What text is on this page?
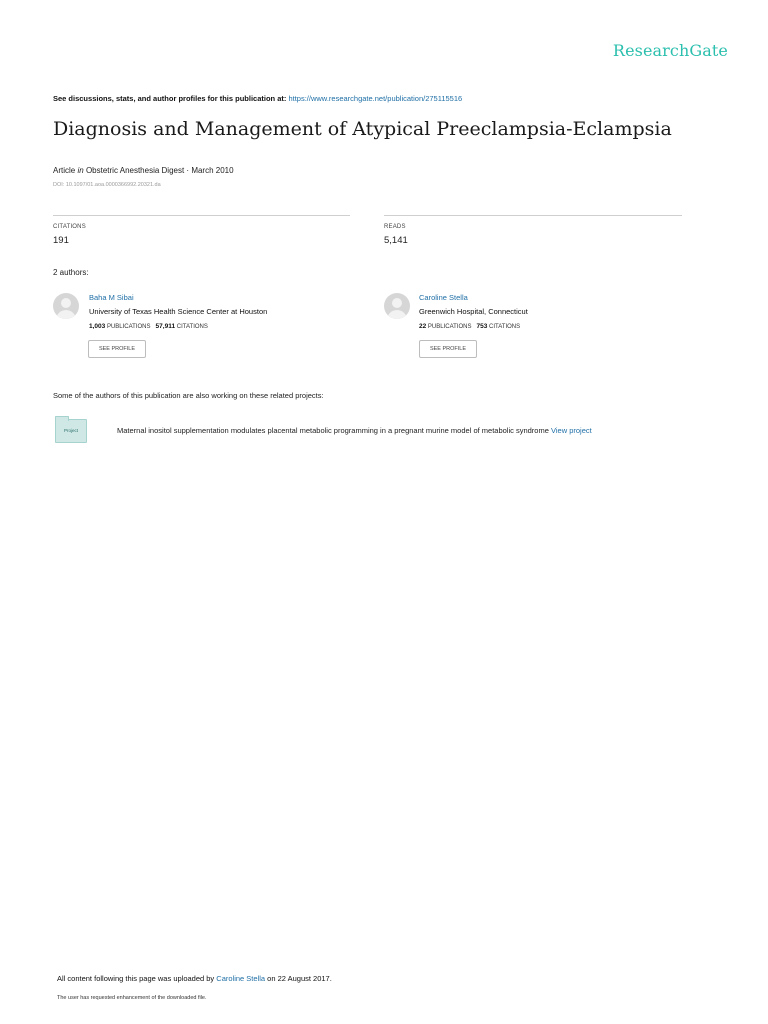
ResearchGate
See discussions, stats, and author profiles for this publication at: https://www.researchgate.net/publication/275115516
Diagnosis and Management of Atypical Preeclampsia-Eclampsia
Article in Obstetric Anesthesia Digest · March 2010
DOI: 10.1097/01.aoa.0000366992.20321.da
CITATIONS
191
READS
5,141
2 authors:
Baha M Sibai
University of Texas Health Science Center at Houston
1,003 PUBLICATIONS 57,911 CITATIONS
SEE PROFILE
Caroline Stella
Greenwich Hospital, Connecticut
22 PUBLICATIONS 753 CITATIONS
SEE PROFILE
Some of the authors of this publication are also working on these related projects:
Project	Maternal inositol supplementation modulates placental metabolic programming in a pregnant murine model of metabolic syndrome View project
All content following this page was uploaded by Caroline Stella on 22 August 2017.
The user has requested enhancement of the downloaded file.
